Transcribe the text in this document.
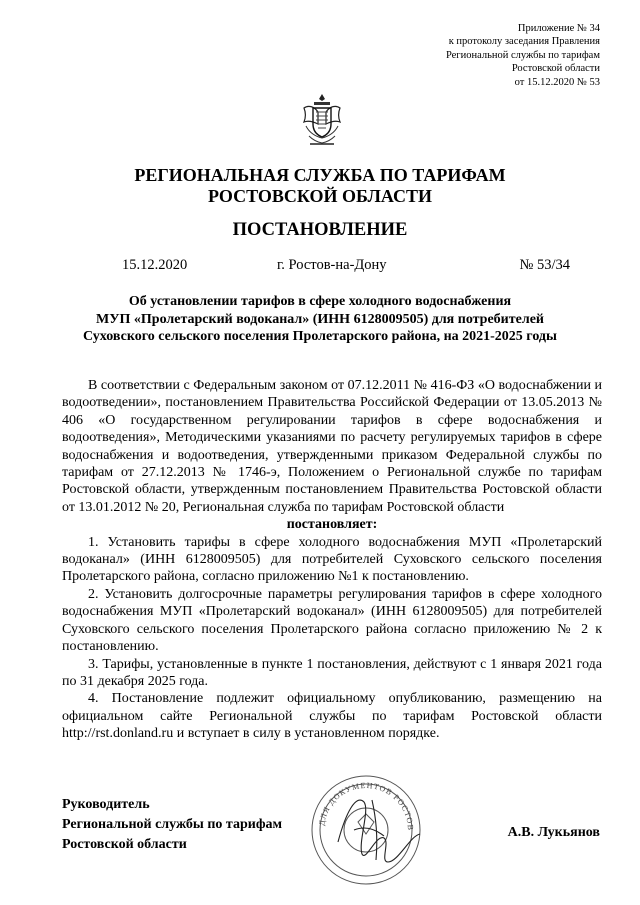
Приложение № 34
к протоколу заседания Правления
Региональной службы по тарифам
Ростовской области
от 15.12.2020 № 53
РЕГИОНАЛЬНАЯ СЛУЖБА ПО ТАРИФАМ
РОСТОВСКОЙ ОБЛАСТИ
ПОСТАНОВЛЕНИЕ
15.12.2020	г. Ростов-на-Дону	№ 53/34
Об установлении тарифов в сфере холодного водоснабжения
МУП «Пролетарский водоканал» (ИНН 6128009505) для потребителей
Суховского сельского поселения Пролетарского района, на 2021-2025 годы

В соответствии с Федеральным законом от 07.12.2011 № 416-ФЗ «О водоснабжении и водоотведении», постановлением Правительства Российской Федерации от 13.05.2013 № 406 «О государственном регулировании тарифов в сфере водоснабжения и водоотведения», Методическими указаниями по расчету регулируемых тарифов в сфере водоснабжения и водоотведения, утвержденными приказом Федеральной службы по тарифам от 27.12.2013 № 1746-э, Положением о Региональной службе по тарифам Ростовской области, утвержденным постановлением Правительства Ростовской области от 13.01.2012 № 20, Региональная служба по тарифам Ростовской области

постановляет:

1. Установить тарифы в сфере холодного водоснабжения МУП «Пролетарский водоканал» (ИНН 6128009505) для потребителей Суховского сельского поселения Пролетарского района, согласно приложению №1 к постановлению.

2. Установить долгосрочные параметры регулирования тарифов в сфере холодного водоснабжения МУП «Пролетарский водоканал» (ИНН 6128009505) для потребителей Суховского сельского поселения Пролетарского района согласно приложению № 2 к постановлению.

3. Тарифы, установленные в пункте 1 постановления, действуют с 1 января 2021 года по 31 декабря 2025 года.

4. Постановление подлежит официальному опубликованию, размещению на официальном сайте Региональной службы по тарифам Ростовской области http://rst.donland.ru и вступает в силу в установленном порядке.

Руководитель
Региональной службы по тарифам
Ростовской области
ДЛЯ ДОКУМЕНТОВ РОСТОВ	А.В. Лукьянов
